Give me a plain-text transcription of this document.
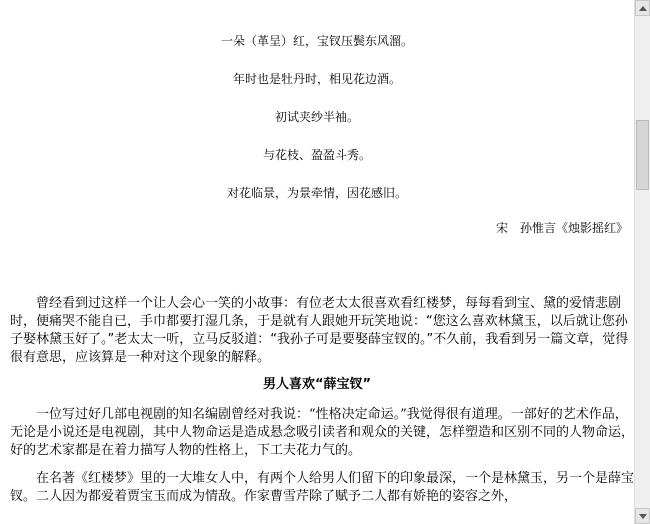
一朵（革呈）红，宝钗压鬓东风溜。
年时也是牡丹时，相见花边酒。
初试夹纱半袖。
与花枝、盈盈斗秀。
对花临景，为景牵情，因花感旧。
宋　孙惟言《烛影摇红》

曾经看到过这样一个让人会心一笑的小故事：有位老太太很喜欢看红楼梦，每每看到宝、黛的爱情悲剧时，便痛哭不能自已，手巾都要打湿几条，于是就有人跟她开玩笑地说：“您这么喜欢林黛玉，以后就让您孙子娶林黛玉好了。”老太太一听，立马反驳道：“我孙子可是要娶薛宝钗的。”不久前，我看到另一篇文章，觉得很有意思，应该算是一种对这个现象的解释。

男人喜欢“薛宝钗”

一位写过好几部电视剧的知名编剧曾经对我说：“性格决定命运。”我觉得很有道理。一部好的艺术作品，无论是小说还是电视剧，其中人物命运是造成悬念吸引读者和观众的关键，怎样塑造和区别不同的人物命运，好的艺术家都是在着力描写人物的性格上，下工夫花力气的。

在名著《红楼梦》里的一大堆女人中，有两个人给男人们留下的印象最深，一个是林黛玉，另一个是薛宝钗。二人因为都爱着贾宝玉而成为情敌。作家曹雪芹除了赋予二人都有娇艳的姿容之外，
